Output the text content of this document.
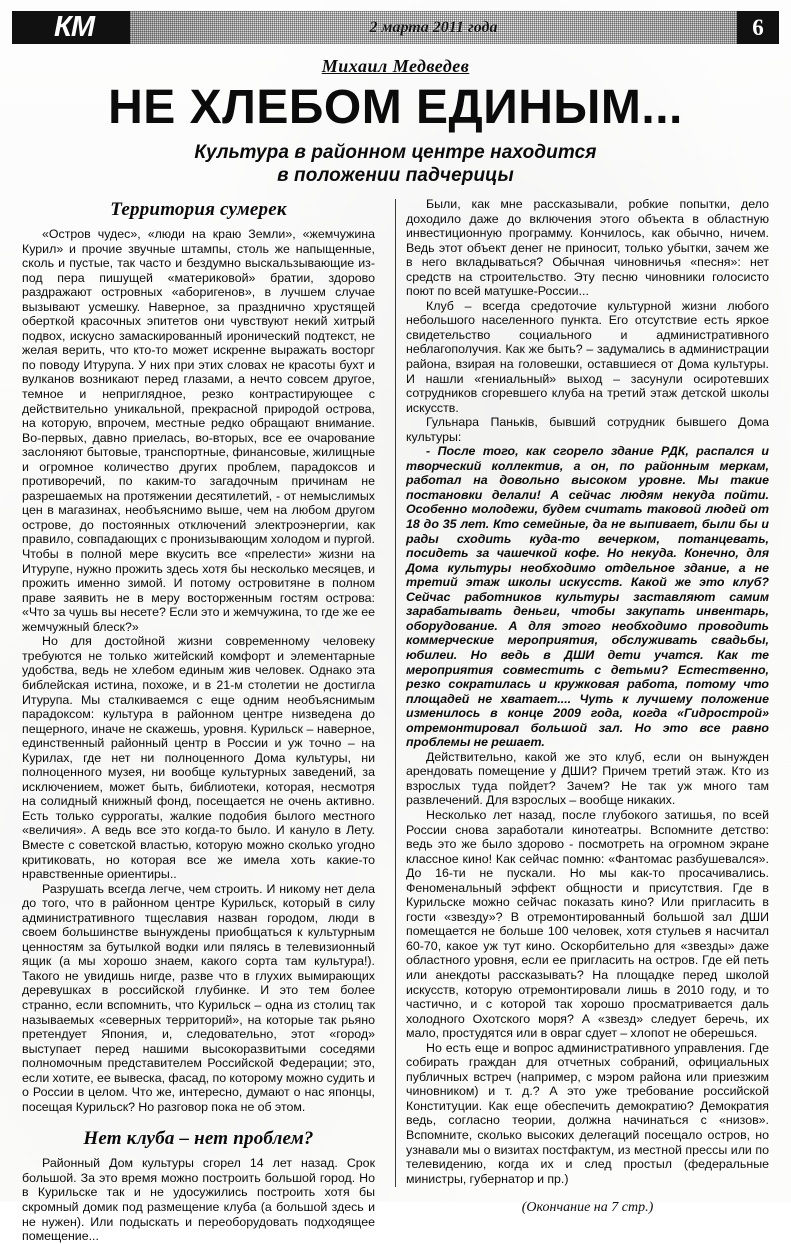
КМ	2 марта 2011 года	6
Михаил Медведев
НЕ ХЛЕБОМ ЕДИНЫМ...
Культура в районном центре находится
в положении падчерицы
Территория сумерек

«Остров чудес», «люди на краю Земли», «жемчужина Курил» и прочие звучные штампы, столь же напыщенные, сколь и пустые, так часто и бездумно выскальзывающие из-под пера пишущей «материковой» братии, здорово раздражают островных «аборигенов», в лучшем случае вызывают усмешку. Наверное, за празднично хрустящей оберткой красочных эпитетов они чувствуют некий хитрый подвох, искусно замаскированный иронический подтекст, не желая верить, что кто-то может искренне выражать восторг по поводу Итурупа. У них при этих словах не красоты бухт и вулканов возникают перед глазами, а нечто совсем другое, темное и неприглядное, резко контрастирующее с действительно уникальной, прекрасной природой острова, на которую, впрочем, местные редко обращают внимание. Во-первых, давно приелась, во-вторых, все ее очарование заслоняют бытовые, транспортные, финансовые, жилищные и огромное количество других проблем, парадоксов и противоречий, по каким-то загадочным причинам не разрешаемых на протяжении десятилетий, - от немыслимых цен в магазинах, необъяснимо выше, чем на любом другом острове, до постоянных отключений электроэнергии, как правило, совпадающих с пронизывающим холодом и пургой. Чтобы в полной мере вкусить все «прелести» жизни на Итурупе, нужно прожить здесь хотя бы несколько месяцев, и прожить именно зимой. И потому островитяне в полном праве заявить не в меру восторженным гостям острова: «Что за чушь вы несете? Если это и жемчужина, то где же ее жемчужный блеск?»

Но для достойной жизни современному человеку требуются не только житейский комфорт и элементарные удобства, ведь не хлебом единым жив человек. Однако эта библейская истина, похоже, и в 21-м столетии не достигла Итурупа. Мы сталкиваемся с еще одним необъяснимым парадоксом: культура в районном центре низведена до пещерного, иначе не скажешь, уровня. Курильск – наверное, единственный районный центр в России и уж точно – на Курилах, где нет ни полноценного Дома культуры, ни полноценного музея, ни вообще культурных заведений, за исключением, может быть, библиотеки, которая, несмотря на солидный книжный фонд, посещается не очень активно. Есть только суррогаты, жалкие подобия былого местного «величия». А ведь все это когда-то было. И кануло в Лету. Вместе с советской властью, которую можно сколько угодно критиковать, но которая все же имела хоть какие-то нравственные ориентиры..

Разрушать всегда легче, чем строить. И никому нет дела до того, что в районном центре Курильск, который в силу административного тщеславия назван городом, люди в своем большинстве вынуждены приобщаться к культурным ценностям за бутылкой водки или пялясь в телевизионный ящик (а мы хорошо знаем, какого сорта там культура!). Такого не увидишь нигде, разве что в глухих вымирающих деревушках в российской глубинке. И это тем более странно, если вспомнить, что Курильск – одна из столиц так называемых «северных территорий», на которые так рьяно претендует Япония, и, следовательно, этот «город» выступает перед нашими высокоразвитыми соседями полномочным представителем Российской Федерации; это, если хотите, ее вывеска, фасад, по которому можно судить и о России в целом. Что же, интересно, думают о нас японцы, посещая Курильск? Но разговор пока не об этом.

Нет клуба – нет проблем?

Районный Дом культуры сгорел 14 лет назад. Срок большой. За это время можно построить большой город. Но в Курильске так и не удосужились построить хотя бы скромный домик под размещение клуба (а большой здесь и не нужен). Или подыскать и переоборудовать подходящее помещение...

Были, как мне рассказывали, робкие попытки, дело доходило даже до включения этого объекта в областную инвестиционную программу. Кончилось, как обычно, ничем. Ведь этот объект денег не приносит, только убытки, зачем же в него вкладываться? Обычная чиновничья «песня»: нет средств на строительство. Эту песню чиновники голосисто поют по всей матушке-России...

Клуб – всегда средоточие культурной жизни любого небольшого населенного пункта. Его отсутствие есть яркое свидетельство социального и административного неблагополучия. Как же быть? – задумались в администрации района, взирая на головешки, оставшиеся от Дома культуры. И нашли «гениальный» выход – засунули осиротевших сотрудников сгоревшего клуба на третий этаж детской школы искусств.

Гульнара Паньків, бывший сотрудник бывшего Дома культуры:

- После того, как сгорело здание РДК, распался и творческий коллектив, а он, по районным меркам, работал на довольно высоком уровне. Мы такие постановки делали! А сейчас людям некуда пойти. Особенно молодежи, будем считать таковой людей от 18 до 35 лет. Кто семейные, да не выпивает, были бы и рады сходить куда-то вечерком, потанцевать, посидеть за чашечкой кофе. Но некуда. Конечно, для Дома культуры необходимо отдельное здание, а не третий этаж школы искусств. Какой же это клуб? Сейчас работников культуры заставляют самим зарабатывать деньги, чтобы закупать инвентарь, оборудование. А для этого необходимо проводить коммерческие мероприятия, обслуживать свадьбы, юбилеи. Но ведь в ДШИ дети учатся. Как те мероприятия совместить с детьми? Естественно, резко сократилась и кружковая работа, потому что площадей не хватает.... Чуть к лучшему положение изменилось в конце 2009 года, когда «Гидрострой» отремонтировал большой зал. Но это все равно проблемы не решает.

Действительно, какой же это клуб, если он вынужден арендовать помещение у ДШИ? Причем третий этаж. Кто из взрослых туда пойдет? Зачем? Не так уж много там развлечений. Для взрослых – вообще никаких.

Несколько лет назад, после глубокого затишья, по всей России снова заработали кинотеатры. Вспомните детство: ведь это же было здорово - посмотреть на огромном экране классное кино! Как сейчас помню: «Фантомас разбушевался». До 16-ти не пускали. Но мы как-то просачивались. Феноменальный эффект общности и присутствия. Где в Курильске можно сейчас показать кино? Или пригласить в гости «звезду»? В отремонтированный большой зал ДШИ помещается не больше 100 человек, хотя стульев я насчитал 60-70, какое уж тут кино. Оскорбительно для «звезды» даже областного уровня, если ее пригласить на остров. Где ей петь или анекдоты рассказывать? На площадке перед школой искусств, которую отремонтировали лишь в 2010 году, и то частично, и с которой так хорошо просматривается даль холодного Охотского моря? А «звезд» следует беречь, их мало, простудятся или в овраг сдует – хлопот не оберешься.

Но есть еще и вопрос административного управления. Где собирать граждан для отчетных собраний, официальных публичных встреч (например, с мэром района или приезжим чиновником) и т. д.? А это уже требование российской Конституции. Как еще обеспечить демократию? Демократия ведь, согласно теории, должна начинаться с «низов». Вспомните, сколько высоких делегаций посещало остров, но узнавали мы о визитах постфактум, из местной прессы или по телевидению, когда их и след простыл (федеральные министры, губернатор и пр.)

(Окончание на 7 стр.)
